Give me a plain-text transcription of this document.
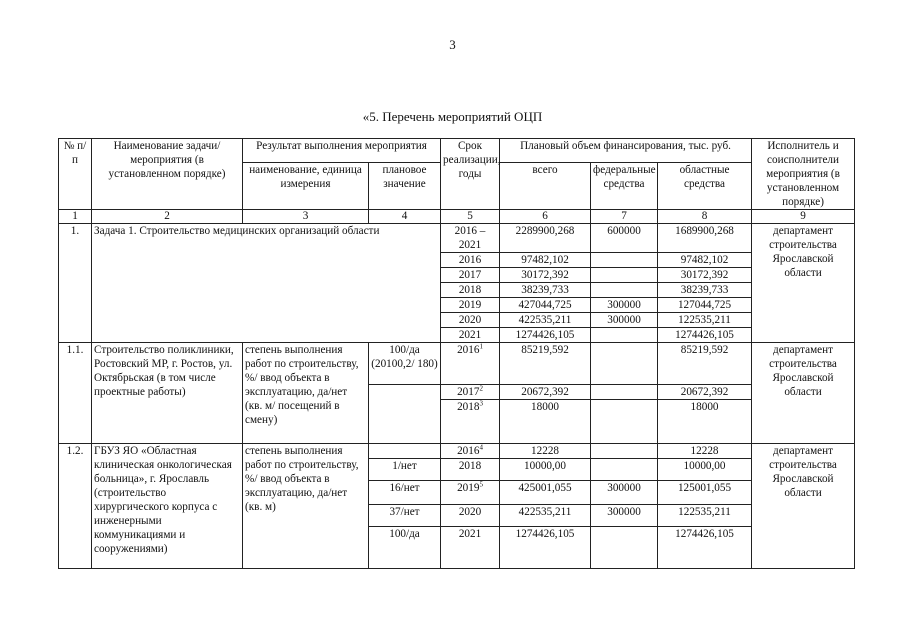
3
«5. Перечень мероприятий ОЦП
№ п/п	Наименование задачи/мероприятия (в установленном порядке)	Результат выполнения мероприятия		Срок реализации, годы	Плановый объем финансирования, тыс. руб.			Исполнитель и соисполнители мероприятия (в установленном порядке)
		наименование, единица измерения	плановое значение		всего	федеральные средства	областные средства	
1	2	3	4	5	6	7	8	9
1.	Задача 1. Строительство медицинских организаций области			2016 – 2021	2289900,268	600000	1689900,268	департамент строительства Ярославской области
				2016	97482,102		97482,102	
				2017	30172,392		30172,392	
				2018	38239,733		38239,733	
				2019	427044,725	300000	127044,725	
				2020	422535,211	300000	122535,211	
				2021	1274426,105		1274426,105	
1.1.	Строительство поликлиники, Ростовский МР, г. Ростов, ул. Октябрьская (в том числе проектные работы)	степень выполнения работ по строительству, %/ ввод объекта в эксплуатацию, да/нет (кв. м/ посещений в смену)	100/да (20100,2/ 180)	2016$^1$	85219,592		85219,592	департамент строительства Ярославской области
				2017$^2$	20672,392		20672,392	
				2018$^3$	18000		18000	
1.2.	ГБУЗ ЯО «Областная клиническая онкологическая больница», г. Ярославль (строительство хирургического корпуса с инженерными коммуникациями и сооружениями)	степень выполнения работ по строительству, %/ ввод объекта в эксплуатацию, да/нет (кв. м)		2016$^4$	12228		12228	департамент строительства Ярославской области
			1/нет	2018	10000,00		10000,00	
			16/нет	2019$^5$	425001,055	300000	125001,055	
			37/нет	2020	422535,211	300000	122535,211	
			100/да	2021	1274426,105		1274426,105	
